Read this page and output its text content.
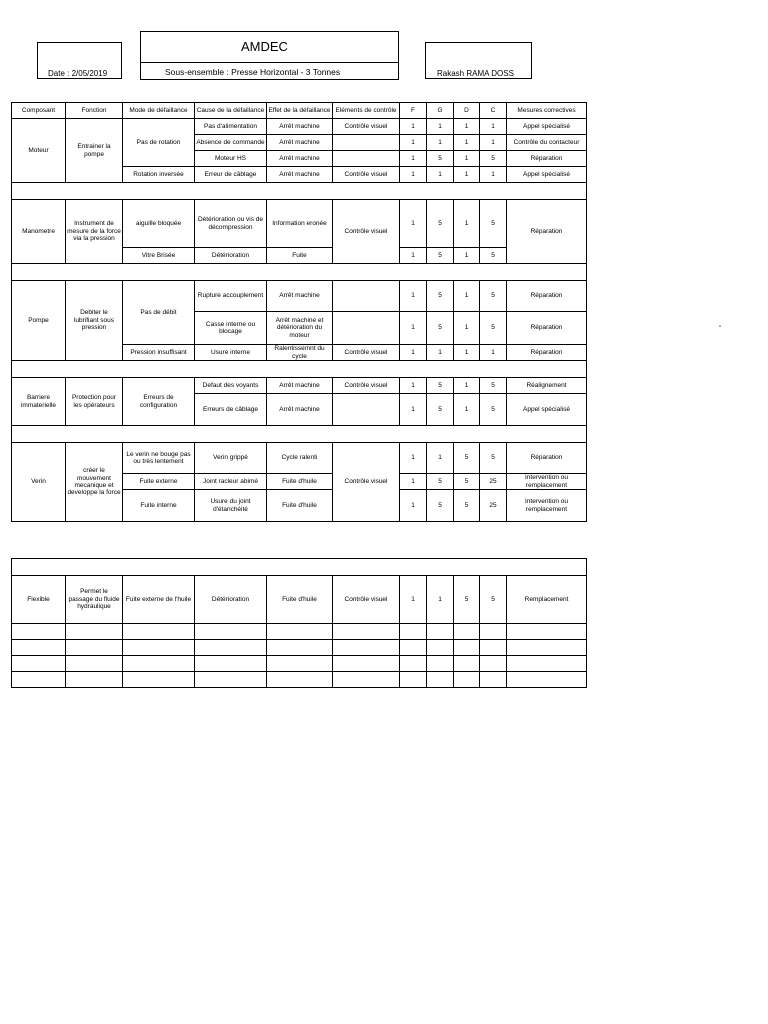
Date : 2/05/2019
AMDEC
Sous-ensemble : Presse Horizontal - 3 Tonnes	Rakash RAMA DOSS
"
Composant	Fonction	Mode de défaillance	Cause de la défaillance	Effet de la défaillance	Eléments de contrôle	F	G	D	C	Mesures correctives
Moteur	Entrainer la pompe	Pas de rotation	Pas d'alimentation	Arrêt machine	Contrôle visuel	1	1	1	1	Appel spécialisé
			Absence de commande	Arrêt machine		1	1	1	1	Contrôle du contacteur
			Moteur HS	Arrêt machine		1	5	1	5	Réparation
		Rotation inversée	Erreur de câblage	Arrêt machine	Contrôle visuel	1	1	1	1	Appel spécialisé

Manometre	Instrument de mesure de la force via la pression	aiguille bloquée	Détérioration ou vis de décompression	Information eronée	Contrôle visuel	1	5	1	5	Réparation
		Vitre Brisée	Détérioration	Fuite		1	5	1	5	

Pompe	Debiter le lubrifiant sous pression	Pas de débit	Rupture accouplement	Arrêt machine		1	5	1	5	Réparation
			Casse interne ou blocage	Arrêt machine et détérioration du moteur		1	5	1	5	Réparation
		Pression insuffisant	Usure interne	Ralentissemnt du cycle	Contrôle visuel	1	1	1	1	Réparation

Barriere immaterielle	Protection pour les opérateurs	Erreurs de configuration	Defaut des voyants	Arrêt machine	Contrôle visuel	1	5	1	5	Réalignement
			Erreurs de câblage	Arrêt machine		1	5	1	5	Appel spécialisé

Verin	créer le mouvement mecanique et developpe la force	Le verin ne bouge pas ou très lentement	Verin grippé	Cycle ralenti	Contrôle visuel	1	1	5	5	Réparation
		Fuite externe	Joint racleur abimé	Fuite d'huile		1	5	5	25	Intervention ou remplacement
		Fuite interne	Usure du joint d'étanchéité	Fuite d'huile		1	5	5	25	Intervention ou remplacement

Flexible	Permet le passage du fluide hydraulique	Fuite externe de l'huile	Détérioration	Fuite d'huile	Contrôle visuel	1	1	5	5	Remplacement
